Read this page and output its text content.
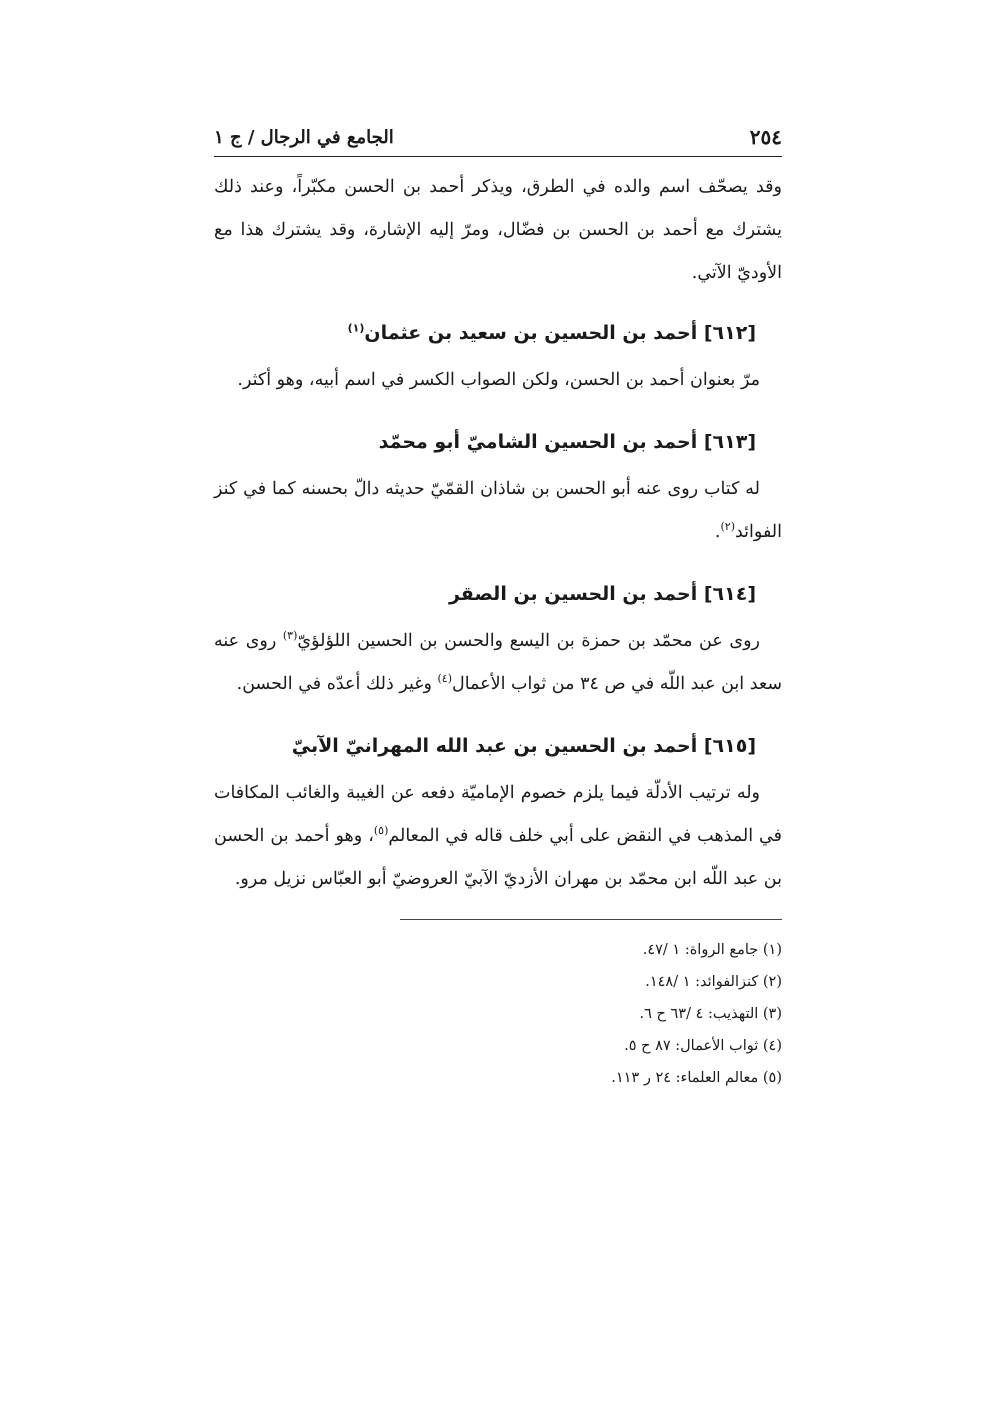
٢٥٤
الجامع في الرجال / ج ١

وقد يصحّف اسم والده في الطرق، ويذكر أحمد بن الحسن مكبّراً، وعند ذلك يشترك مع أحمد بن الحسن بن فضّال، ومرّ إليه الإشارة، وقد يشترك هذا مع الأوديّ الآتي.

[٦١٢] أحمد بن الحسين بن سعيد بن عثمان$^{(١)}$

مرّ بعنوان أحمد بن الحسن، ولكن الصواب الكسر في اسم أبيه، وهو أكثر.

[٦١٣] أحمد بن الحسين الشاميّ أبو محمّد

له كتاب روى عنه أبو الحسن بن شاذان القمّيّ حديثه دالّ بحسنه كما في كنز الفوائد$^{(٢)}$.

[٦١٤] أحمد بن الحسين بن الصقر

روى عن محمّد بن حمزة بن اليسع والحسن بن الحسين اللؤلؤيّ$^{(٣)}$ روى عنه سعد ابن عبد اللّه في ص ٣٤ من ثواب الأعمال$^{(٤)}$ وغير ذلك أعدّه في الحسن.

[٦١٥] أحمد بن الحسين بن عبد الله المهرانيّ الآبيّ

وله ترتيب الأدلّة فيما يلزم خصوم الإماميّة دفعه عن الغيبة والغائب المكافات في المذهب في النقض على أبي خلف قاله في المعالم$^{(٥)}$، وهو أحمد بن الحسن بن عبد اللّه ابن محمّد بن مهران الأزديّ الآبيّ العروضيّ أبو العبّاس نزيل مرو.

(١) جامع الرواة: ١ /٤٧.

(٢) كنزالفوائد: ١ /١٤٨.

(٣) التهذيب: ٤ /٦٣ ح ٦.

(٤) ثواب الأعمال: ٨٧ ح ٥.

(٥) معالم العلماء: ٢٤ ر ١١٣.
